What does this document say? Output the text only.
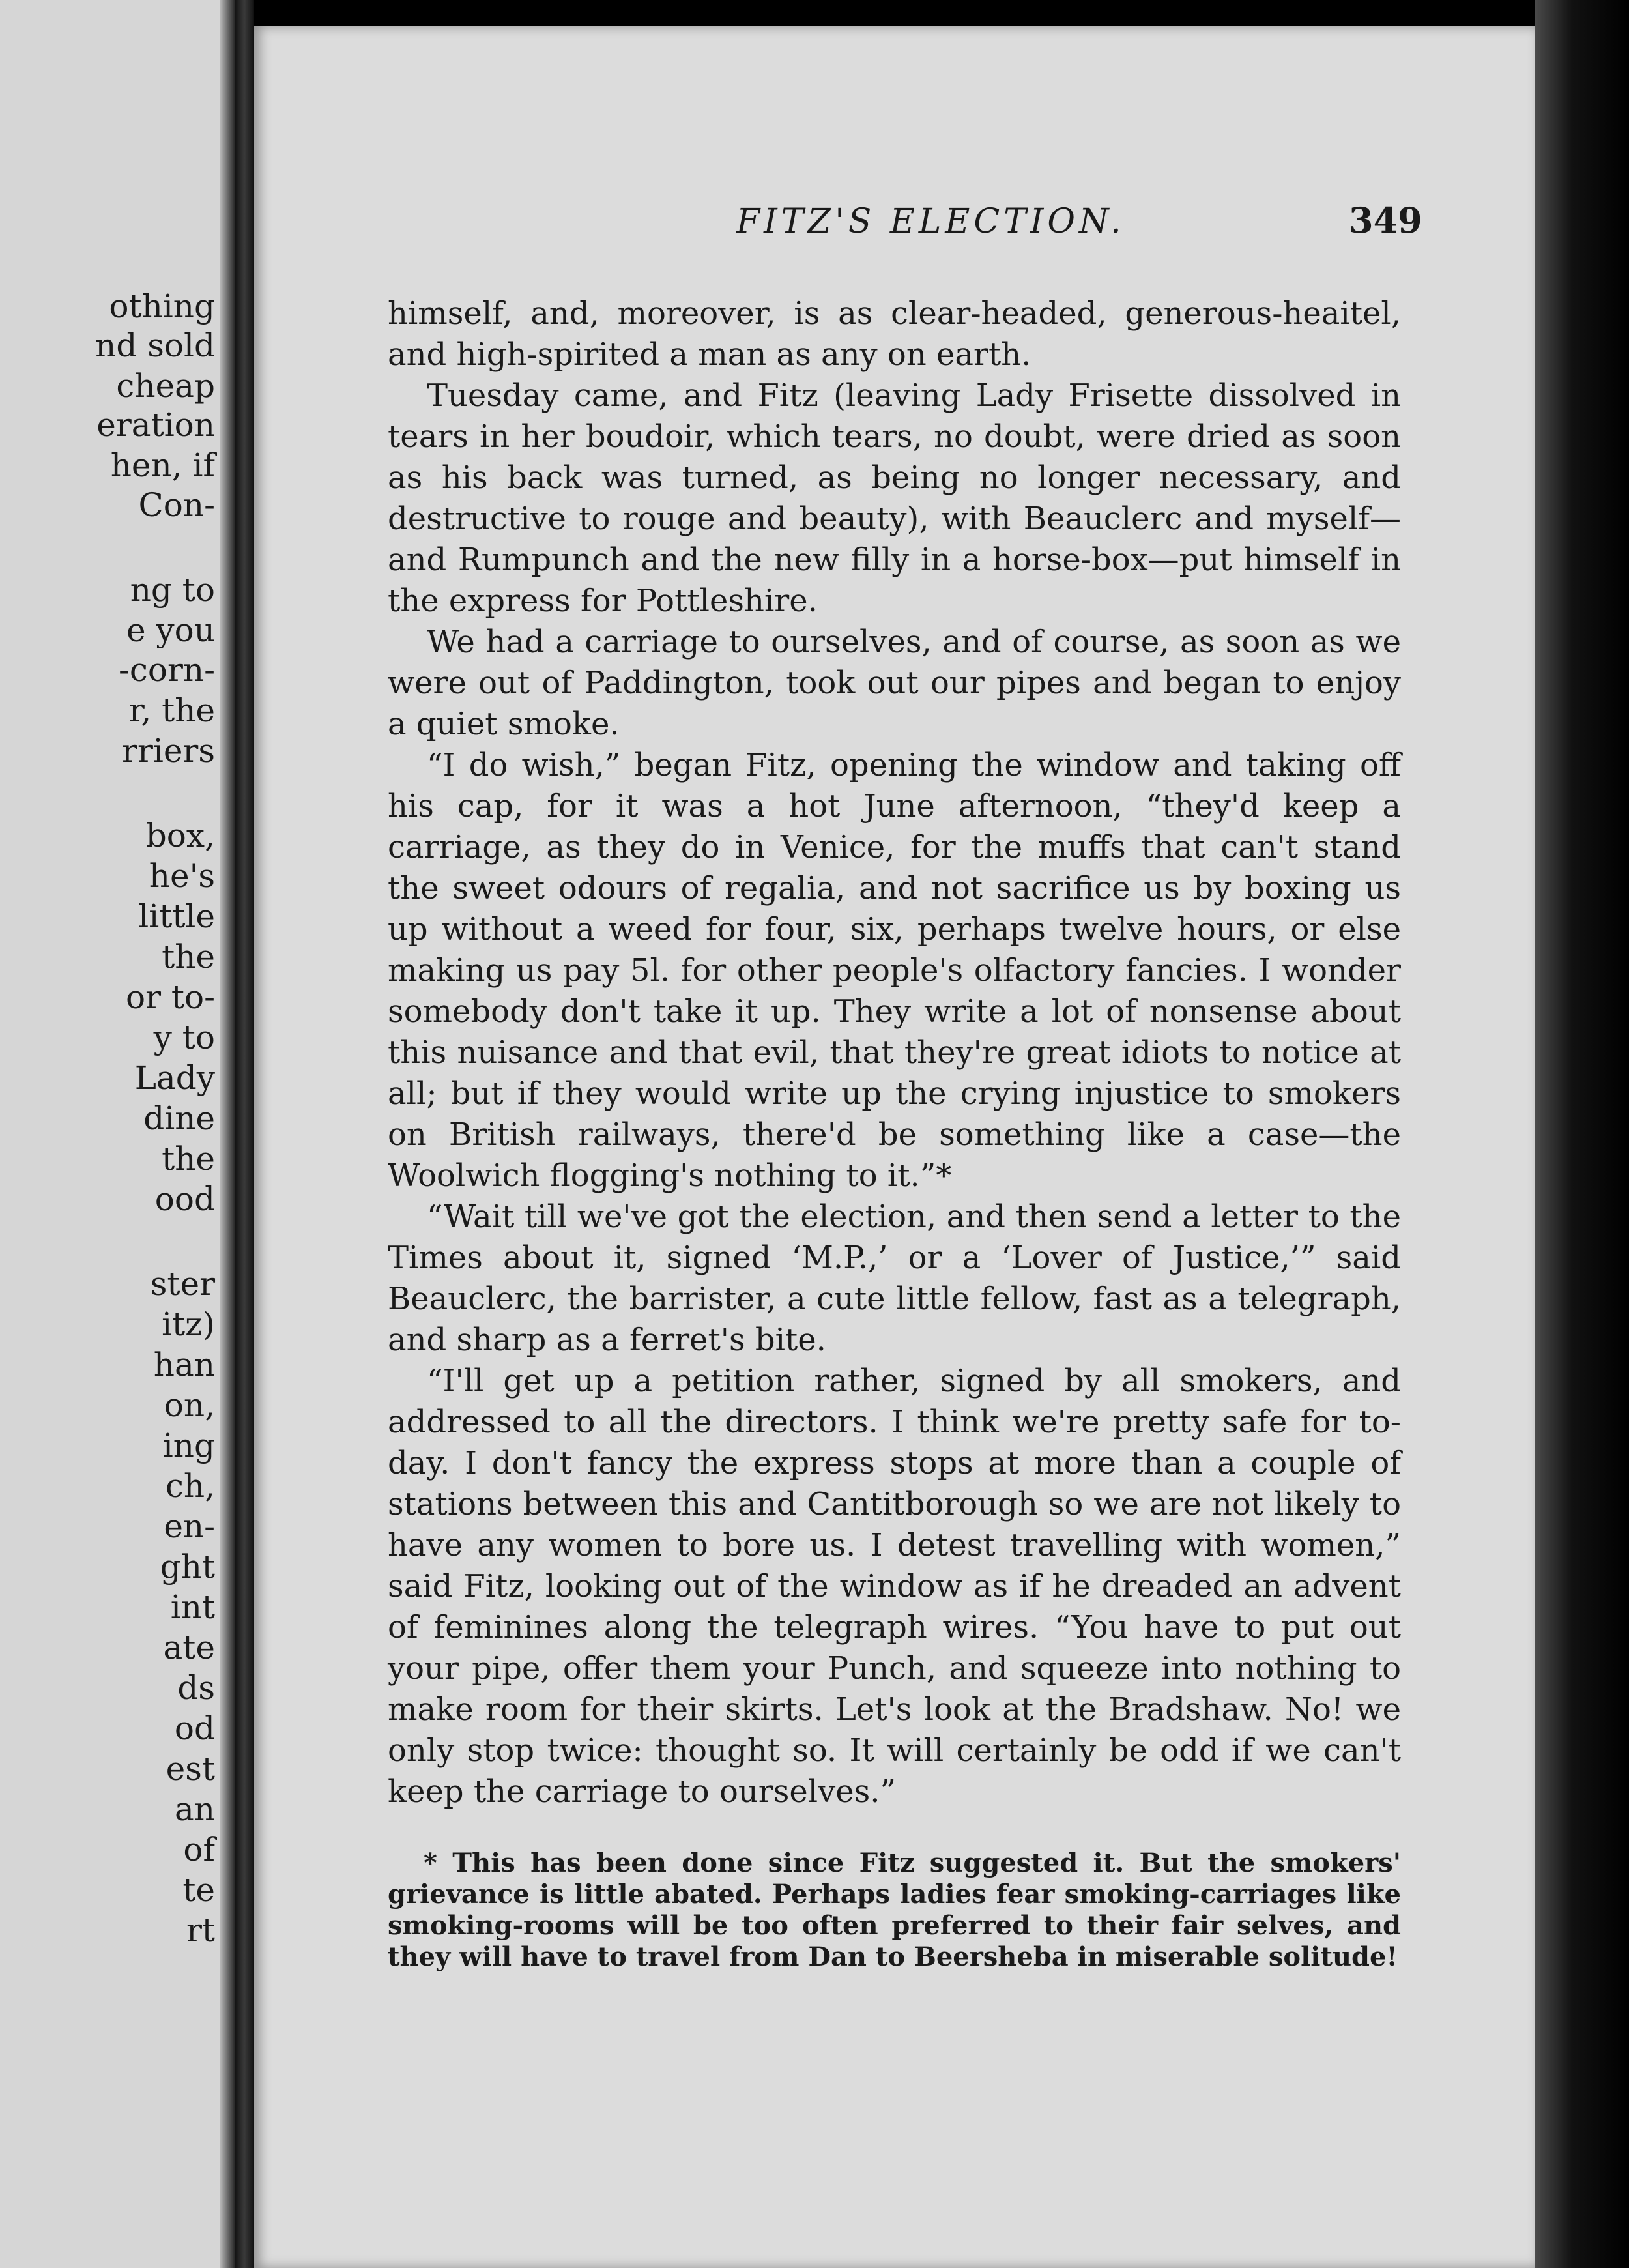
othing
nd sold
cheap
eration
hen, if
Con-
ng to
e you
-corn-
r, the
rriers
box,
he's
little
the
or to-
y to
Lady
dine
the
ood
ster
itz)
han
on,
ing
ch,
en-
ght
int
ate
ds
od
est
an
of
te
rt
FITZ'S ELECTION.	349

himself, and, moreover, is as clear-headed, generous-heaitel, and high-spirited a man as any on earth.

Tuesday came, and Fitz (leaving Lady Frisette dissolved in tears in her boudoir, which tears, no doubt, were dried as soon as his back was turned, as being no longer necessary, and destructive to rouge and beauty), with Beauclerc and myself—and Rumpunch and the new filly in a horse-box—put himself in the express for Pottleshire.

We had a carriage to ourselves, and of course, as soon as we were out of Paddington, took out our pipes and began to enjoy a quiet smoke.

“I do wish,” began Fitz, opening the window and taking off his cap, for it was a hot June afternoon, “they'd keep a carriage, as they do in Venice, for the muffs that can't stand the sweet odours of regalia, and not sacrifice us by boxing us up without a weed for four, six, perhaps twelve hours, or else making us pay 5l. for other people's olfactory fancies. I wonder somebody don't take it up. They write a lot of nonsense about this nuisance and that evil, that they're great idiots to notice at all; but if they would write up the crying injustice to smokers on British railways, there'd be something like a case—the Woolwich flogging's nothing to it.”*

“Wait till we've got the election, and then send a letter to the Times about it, signed ‘M.P.,’ or a ‘Lover of Justice,’” said Beauclerc, the barrister, a cute little fellow, fast as a telegraph, and sharp as a ferret's bite.

“I'll get up a petition rather, signed by all smokers, and addressed to all the directors. I think we're pretty safe for to-day. I don't fancy the express stops at more than a couple of stations between this and Cantitborough so we are not likely to have any women to bore us. I detest travelling with women,” said Fitz, looking out of the window as if he dreaded an advent of feminines along the telegraph wires. “You have to put out your pipe, offer them your Punch, and squeeze into nothing to make room for their skirts. Let's look at the Bradshaw. No! we only stop twice: thought so. It will certainly be odd if we can't keep the carriage to ourselves.”

* This has been done since Fitz suggested it. But the smokers' grievance is little abated. Perhaps ladies fear smoking-carriages like smoking-rooms will be too often preferred to their fair selves, and they will have to travel from Dan to Beersheba in miserable solitude!
